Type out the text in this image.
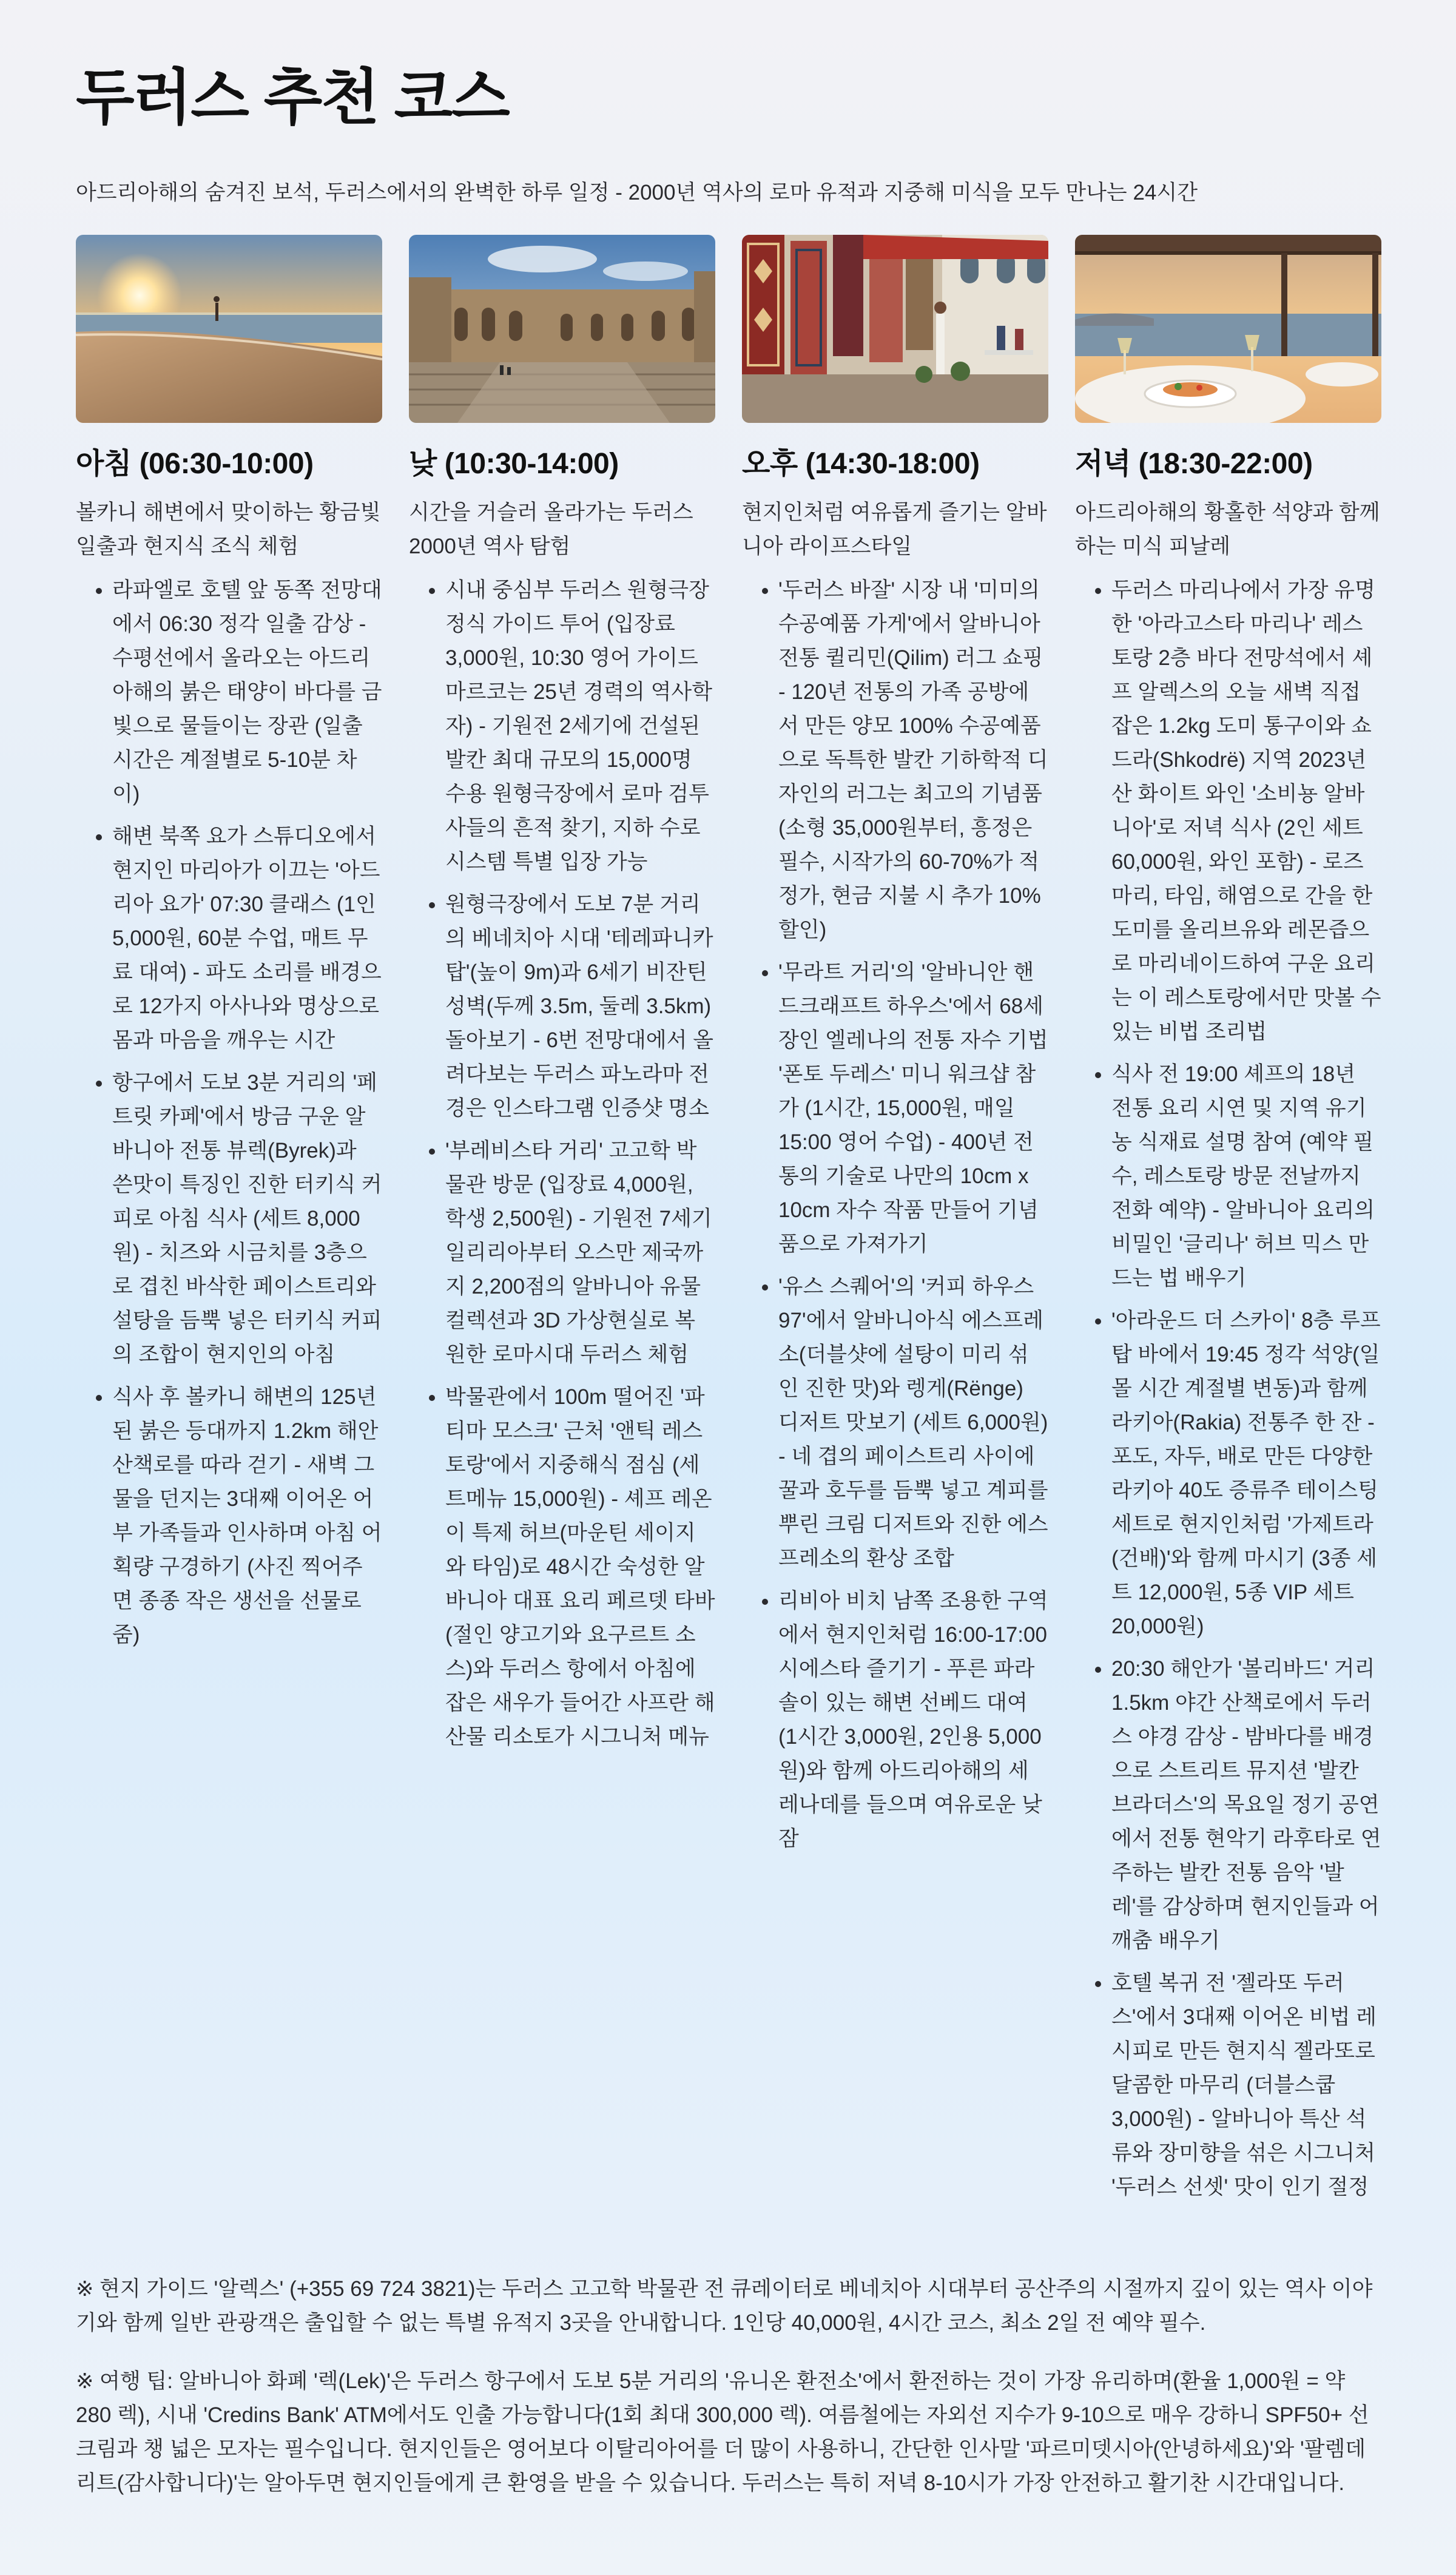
두러스 추천 코스

아드리아해의 숨겨진 보석, 두러스에서의 완벽한 하루 일정 - 2000년 역사의 로마 유적과 지중해 미식을 모두 만나는 24시간

아침 (06:30-10:00)

볼카니 해변에서 맞이하는 황금빛 일출과 현지식 조식 체험

• 라파엘로 호텔 앞 동쪽 전망대에서 06:30 정각 일출 감상 - 수평선에서 올라오는 아드리아해의 붉은 태양이 바다를 금빛으로 물들이는 장관 (일출 시간은 계절별로 5-10분 차이)
• 해변 북쪽 요가 스튜디오에서 현지인 마리아가 이끄는 '아드리아 요가' 07:30 클래스 (1인 5,000원, 60분 수업, 매트 무료 대여) - 파도 소리를 배경으로 12가지 아사나와 명상으로 몸과 마음을 깨우는 시간
• 항구에서 도보 3분 거리의 '페트릿 카페'에서 방금 구운 알바니아 전통 뷰렉(Byrek)과 쓴맛이 특징인 진한 터키식 커피로 아침 식사 (세트 8,000원) - 치즈와 시금치를 3층으로 겹친 바삭한 페이스트리와 설탕을 듬뿍 넣은 터키식 커피의 조합이 현지인의 아침
• 식사 후 볼카니 해변의 125년 된 붉은 등대까지 1.2km 해안 산책로를 따라 걷기 - 새벽 그물을 던지는 3대째 이어온 어부 가족들과 인사하며 아침 어획량 구경하기 (사진 찍어주면 종종 작은 생선을 선물로 줌)
낮 (10:30-14:00)

시간을 거슬러 올라가는 두러스 2000년 역사 탐험

• 시내 중심부 두러스 원형극장 정식 가이드 투어 (입장료 3,000원, 10:30 영어 가이드 마르코는 25년 경력의 역사학자) - 기원전 2세기에 건설된 발칸 최대 규모의 15,000명 수용 원형극장에서 로마 검투사들의 흔적 찾기, 지하 수로 시스템 특별 입장 가능
• 원형극장에서 도보 7분 거리의 베네치아 시대 '테레파니카탑'(높이 9m)과 6세기 비잔틴 성벽(두께 3.5m, 둘레 3.5km) 돌아보기 - 6번 전망대에서 올려다보는 두러스 파노라마 전경은 인스타그램 인증샷 명소
• '부레비스타 거리' 고고학 박물관 방문 (입장료 4,000원, 학생 2,500원) - 기원전 7세기 일리리아부터 오스만 제국까지 2,200점의 알바니아 유물 컬렉션과 3D 가상현실로 복원한 로마시대 두러스 체험
• 박물관에서 100m 떨어진 '파티마 모스크' 근처 '앤틱 레스토랑'에서 지중해식 점심 (세트메뉴 15,000원) - 셰프 레온이 특제 허브(마운틴 세이지와 타임)로 48시간 숙성한 알바니아 대표 요리 페르뎃 타바(절인 양고기와 요구르트 소스)와 두러스 항에서 아침에 잡은 새우가 들어간 사프란 해산물 리소토가 시그니처 메뉴
오후 (14:30-18:00)

현지인처럼 여유롭게 즐기는 알바니아 라이프스타일

• '두러스 바잘' 시장 내 '미미의 수공예품 가게'에서 알바니아 전통 퀼리민(Qilim) 러그 쇼핑 - 120년 전통의 가족 공방에서 만든 양모 100% 수공예품으로 독특한 발칸 기하학적 디자인의 러그는 최고의 기념품 (소형 35,000원부터, 흥정은 필수, 시작가의 60-70%가 적정가, 현금 지불 시 추가 10% 할인)
• '무라트 거리'의 '알바니안 핸드크래프트 하우스'에서 68세 장인 엘레나의 전통 자수 기법 '폰토 두레스' 미니 워크샵 참가 (1시간, 15,000원, 매일 15:00 영어 수업) - 400년 전통의 기술로 나만의 10cm x 10cm 자수 작품 만들어 기념품으로 가져가기
• '유스 스퀘어'의 '커피 하우스 97'에서 알바니아식 에스프레소(더블샷에 설탕이 미리 섞인 진한 맛)와 렝게(Rënge) 디저트 맛보기 (세트 6,000원) - 네 겹의 페이스트리 사이에 꿀과 호두를 듬뿍 넣고 계피를 뿌린 크림 디저트와 진한 에스프레소의 환상 조합
• 리비아 비치 남쪽 조용한 구역에서 현지인처럼 16:00-17:00 시에스타 즐기기 - 푸른 파라솔이 있는 해변 선베드 대여 (1시간 3,000원, 2인용 5,000원)와 함께 아드리아해의 세레나데를 들으며 여유로운 낮잠
저녁 (18:30-22:00)

아드리아해의 황홀한 석양과 함께하는 미식 피날레

• 두러스 마리나에서 가장 유명한 '아라고스타 마리나' 레스토랑 2층 바다 전망석에서 셰프 알렉스의 오늘 새벽 직접 잡은 1.2kg 도미 통구이와 쇼드라(Shkodrë) 지역 2023년산 화이트 와인 '소비뇽 알바니아'로 저녁 식사 (2인 세트 60,000원, 와인 포함) - 로즈마리, 타임, 해염으로 간을 한 도미를 올리브유와 레몬즙으로 마리네이드하여 구운 요리는 이 레스토랑에서만 맛볼 수 있는 비법 조리법
• 식사 전 19:00 셰프의 18년 전통 요리 시연 및 지역 유기농 식재료 설명 참여 (예약 필수, 레스토랑 방문 전날까지 전화 예약) - 알바니아 요리의 비밀인 '글리나' 허브 믹스 만드는 법 배우기
• '아라운드 더 스카이' 8층 루프탑 바에서 19:45 정각 석양(일몰 시간 계절별 변동)과 함께 라키아(Rakia) 전통주 한 잔 - 포도, 자두, 배로 만든 다양한 라키아 40도 증류주 테이스팅 세트로 현지인처럼 '가제트라(건배)'와 함께 마시기 (3종 세트 12,000원, 5종 VIP 세트 20,000원)
• 20:30 해안가 '볼리바드' 거리 1.5km 야간 산책로에서 두러스 야경 감상 - 밤바다를 배경으로 스트리트 뮤지션 '발칸 브라더스'의 목요일 정기 공연에서 전통 현악기 라후타로 연주하는 발칸 전통 음악 '발레'를 감상하며 현지인들과 어깨춤 배우기
• 호텔 복귀 전 '젤라또 두러스'에서 3대째 이어온 비법 레시피로 만든 현지식 젤라또로 달콤한 마무리 (더블스쿱 3,000원) - 알바니아 특산 석류와 장미향을 섞은 시그니처 '두러스 선셋' 맛이 인기 절정

※ 현지 가이드 '알렉스' (+355 69 724 3821)는 두러스 고고학 박물관 전 큐레이터로 베네치아 시대부터 공산주의 시절까지 깊이 있는 역사 이야기와 함께 일반 관광객은 출입할 수 없는 특별 유적지 3곳을 안내합니다. 1인당 40,000원, 4시간 코스, 최소 2일 전 예약 필수.

※ 여행 팁: 알바니아 화폐 '렉(Lek)'은 두러스 항구에서 도보 5분 거리의 '유니온 환전소'에서 환전하는 것이 가장 유리하며(환율 1,000원 = 약 280 렉), 시내 'Credins Bank' ATM에서도 인출 가능합니다(1회 최대 300,000 렉). 여름철에는 자외선 지수가 9-10으로 매우 강하니 SPF50+ 선크림과 챙 넓은 모자는 필수입니다. 현지인들은 영어보다 이탈리아어를 더 많이 사용하니, 간단한 인사말 '파르미뎃시아(안녕하세요)'와 '팔렘데리트(감사합니다)'는 알아두면 현지인들에게 큰 환영을 받을 수 있습니다. 두러스는 특히 저녁 8-10시가 가장 안전하고 활기찬 시간대입니다.
